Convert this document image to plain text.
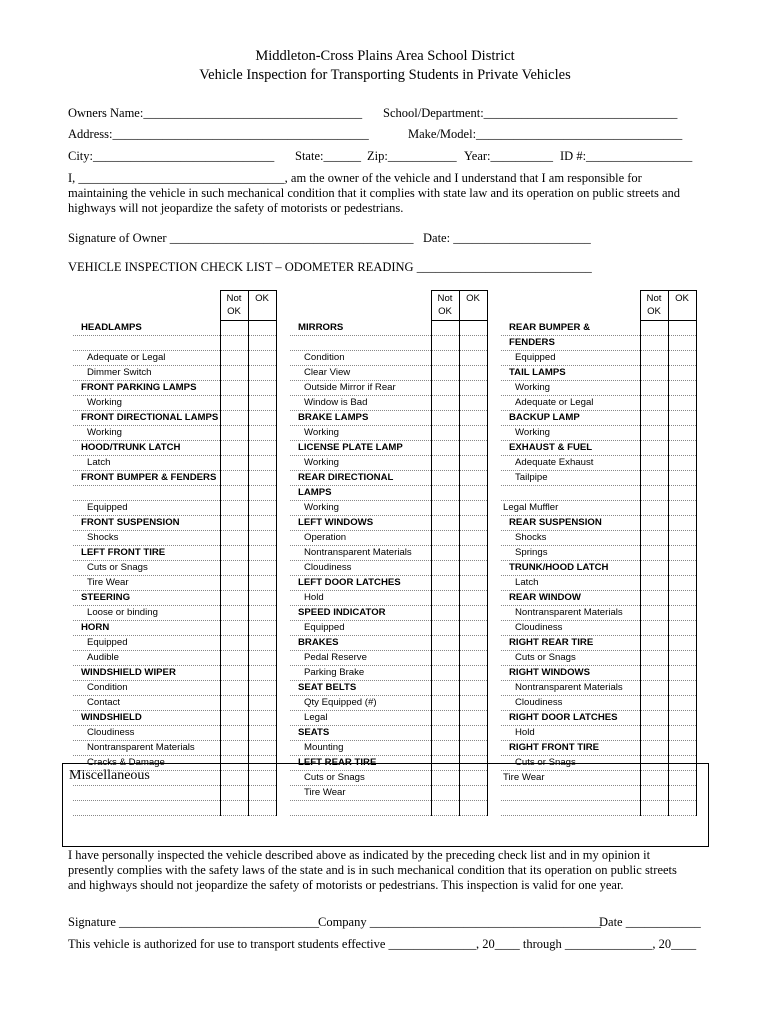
Middleton-Cross Plains Area School District
Vehicle Inspection for Transporting Students in Private Vehicles
Owners Name:___________________________________ School/Department:_______________________________
Address:_________________________________________	Make/Model:_________________________________
City:_____________________________ State:______ Zip:___________ Year:__________ ID #:_________________
I, _________________________________, am the owner of the vehicle and I understand that I am responsible for
maintaining the vehicle in such mechanical condition that it complies with state law and its operation on public streets and
highways will not jeopardize the safety of motorists or pedestrians.
Signature of Owner _______________________________________ Date: ______________________
VEHICLE INSPECTION CHECK LIST – ODOMETER READING ____________________________
	Not
OK	OK
HEADLAMPS		

Adequate or Legal		
Dimmer Switch		
FRONT PARKING LAMPS		
Working		
FRONT DIRECTIONAL LAMPS		
Working		
HOOD/TRUNK LATCH		
Latch		
FRONT BUMPER & FENDERS		

Equipped		
FRONT SUSPENSION		
Shocks		
LEFT FRONT TIRE		
Cuts or Snags		
Tire Wear		
STEERING		
Loose or binding		
HORN		
Equipped		
Audible		
WINDSHIELD WIPER		
Condition		
Contact		
WINDSHIELD		
Cloudiness		
Nontransparent Materials		
Cracks & Damage		

	Not
OK	OK
MIRRORS		

Condition		
Clear View		
Outside Mirror if Rear		
Window is Bad		
BRAKE LAMPS		
Working		
LICENSE PLATE LAMP		
Working		
REAR DIRECTIONAL		
LAMPS		
Working		
LEFT WINDOWS		
Operation		
Nontransparent Materials		
Cloudiness		
LEFT DOOR LATCHES		
Hold		
SPEED INDICATOR		
Equipped		
BRAKES		
Pedal Reserve		
Parking Brake		
SEAT BELTS		
Qty Equipped (#)		
Legal		
SEATS		
Mounting		
LEFT REAR TIRE		
Cuts or Snags		
Tire Wear		

	Not
OK	OK
REAR BUMPER &		
FENDERS		
Equipped		
TAIL LAMPS		
Working		
Adequate or Legal		
BACKUP LAMP		
Working		
EXHAUST & FUEL		
Adequate Exhaust		
Tailpipe		

Legal Muffler		
REAR SUSPENSION		
Shocks		
Springs		
TRUNK/HOOD LATCH		
Latch		
REAR WINDOW		
Nontransparent Materials		
Cloudiness		
RIGHT REAR TIRE		
Cuts or Snags		
RIGHT WINDOWS		
Nontransparent Materials		
Cloudiness		
RIGHT DOOR LATCHES		
Hold		
RIGHT FRONT TIRE		
Cuts or Snags		
Tire Wear		

Miscellaneous
I have personally inspected the vehicle described above as indicated by the preceding check list and in my opinion it
presently complies with the safety laws of the state and is in such mechanical condition that its operation on public streets
and highways should not jeopardize the safety of motorists or pedestrians. This inspection is valid for one year.
Signature ________________________________
Company _____________________________________
Date ____________
This vehicle is authorized for use to transport students effective ______________, 20____ through ______________, 20____
